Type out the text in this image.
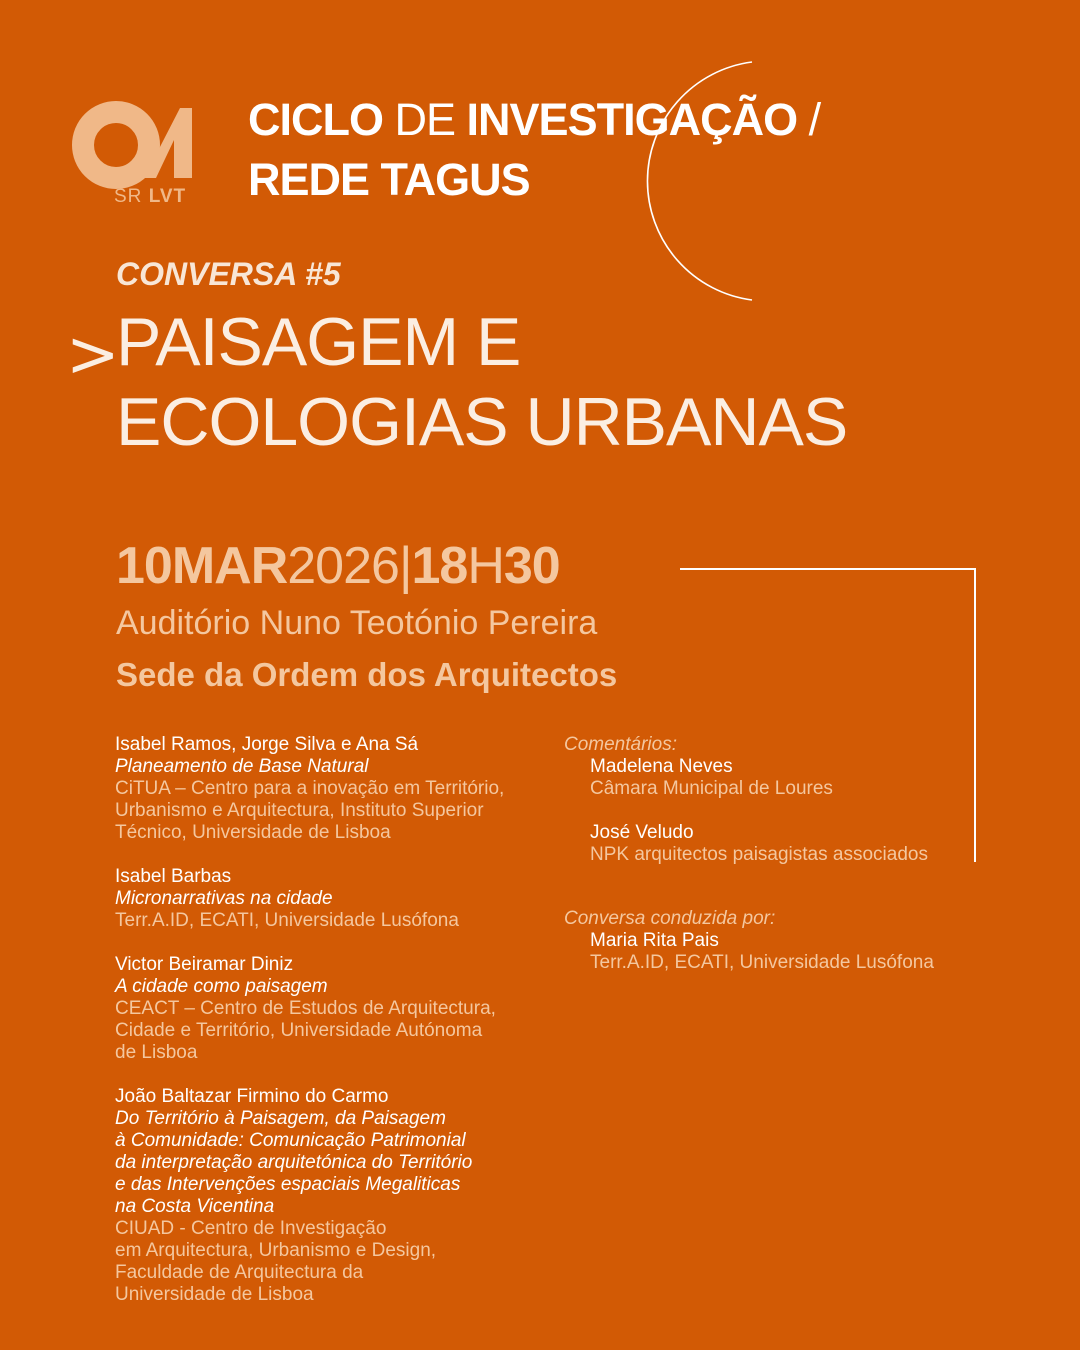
SR LVT
CICLO DE INVESTIGAÇÃO /
REDE TAGUS
CONVERSA #5
>
PAISAGEM E
ECOLOGIAS URBANAS
10MAR2026|18H30
Auditório Nuno Teotónio Pereira
Sede da Ordem dos Arquitectos
Isabel Ramos, Jorge Silva e Ana Sá
Planeamento de Base Natural
CiTUA – Centro para a inovação em Território,
Urbanismo e Arquitectura, Instituto Superior
Técnico, Universidade de Lisboa
Isabel Barbas
Micronarrativas na cidade
Terr.A.ID, ECATI, Universidade Lusófona
Victor Beiramar Diniz
A cidade como paisagem
CEACT – Centro de Estudos de Arquitectura,
Cidade e Território, Universidade Autónoma
de Lisboa
João Baltazar Firmino do Carmo
Do Território à Paisagem, da Paisagem
à Comunidade: Comunicação Patrimonial
da interpretação arquitetónica do Território
e das Intervenções espaciais Megaliticas
na Costa Vicentina
CIUAD - Centro de Investigação
em Arquitectura, Urbanismo e Design,
Faculdade de Arquitectura da
Universidade de Lisboa
Comentários:
Madelena Neves
Câmara Municipal de Loures
José Veludo
NPK arquitectos paisagistas associados
Conversa conduzida por:
Maria Rita Pais
Terr.A.ID, ECATI, Universidade Lusófona
